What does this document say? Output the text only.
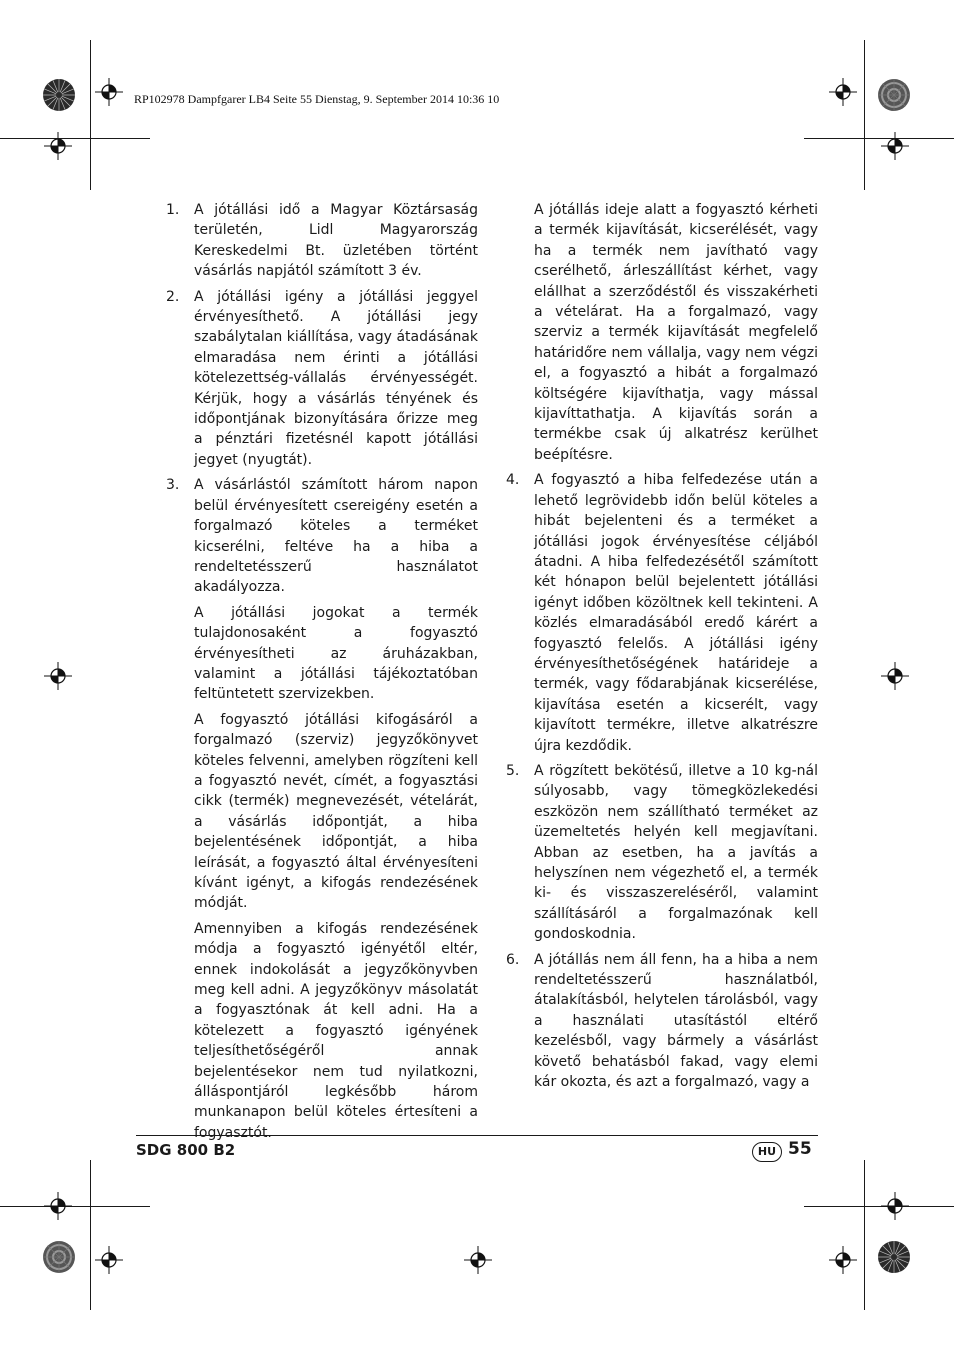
RP102978 Dampfgarer LB4 Seite 55 Dienstag, 9. September 2014 10:36 10
1.	A jótállási idő a Magyar Köztársaság területén, Lidl Magyarország Kereskedelmi Bt. üzletében történt vásárlás napjától számított 3 év.

2.	A jótállási igény a jótállási jeggyel érvényesíthető. A jótállási jegy szabálytalan kiállítása, vagy átadásának elmaradása nem érinti a jótállási kötelezettség-vállalás érvényességét. Kérjük, hogy a vásárlás tényének és időpontjának bizonyítására őrizze meg a pénztári fizetésnél kapott jótállási jegyet (nyugtát).

3.	A vásárlástól számított három napon belül érvényesített csereigény esetén a forgalmazó köteles a terméket kicserélni, feltéve ha a hiba a rendeltetésszerű használatot akadályozza.

A jótállási jogokat a termék tulajdonosaként a fogyasztó érvényesítheti az áruházakban, valamint a jótállási tájékoztatóban feltüntetett szervizekben.

A fogyasztó jótállási kifogásáról a forgalmazó (szerviz) jegyzőkönyvet köteles felvenni, amelyben rögzíteni kell a fogyasztó nevét, címét, a fogyasztási cikk (termék) megnevezését, vételárát, a vásárlás időpontját, a hiba bejelentésének időpontját, a hiba leírását, a fogyasztó által érvényesíteni kívánt igényt, a kifogás rendezésének módját.

Amennyiben a kifogás rendezésének módja a fogyasztó igényétől eltér, ennek indokolását a jegyzőkönyvben meg kell adni. A jegyzőkönyv másolatát a fogyasztónak át kell adni. Ha a kötelezett a fogyasztó igényének teljesíthetőségéről annak bejelentésekor nem tud nyilatkozni, álláspontjáról legkésőbb három munkanapon belül köteles értesíteni a fogyasztót.

A jótállás ideje alatt a fogyasztó kérheti a termék kijavítását, kicserélését, vagy ha a termék nem javítható vagy cserélhető, árleszállítást kérhet, vagy elállhat a szerződéstől és visszakérheti a vételárat. Ha a forgalmazó, vagy szerviz a termék kijavítását megfelelő határidőre nem vállalja, vagy nem végzi el, a fogyasztó a hibát a forgalmazó költségére kijavíthatja, vagy mással kijavíttathatja. A kijavítás során a termékbe csak új alkatrész kerülhet beépítésre.

4.	A fogyasztó a hiba felfedezése után a lehető legrövidebb időn belül köteles a hibát bejelenteni és a terméket a jótállási jogok érvényesítése céljából átadni. A hiba felfedezésétől számított két hónapon belül bejelentett jótállási igényt időben közöltnek kell tekinteni. A közlés elmaradásából eredő kárért a fogyasztó felelős. A jótállási igény érvényesíthetőségének határideje a termék, vagy fődarabjának kicserélése, kijavítása esetén a kicserélt, vagy kijavított termékre, illetve alkatrészre újra kezdődik.

5.	A rögzített bekötésű, illetve a 10 kg-nál súlyosabb, vagy tömegközlekedési eszközön nem szállítható terméket az üzemeltetés helyén kell megjavítani. Abban az esetben, ha a javítás a helyszínen nem végezhető el, a termék ki- és visszaszereléséről, valamint szállításáról a forgalmazónak kell gondoskodnia.

6.	A jótállás nem áll fenn, ha a hiba a nem rendeltetésszerű használatból, átalakításból, helytelen tárolásból, vagy a használati utasítástól eltérő kezelésből, vagy bármely a vásárlást követő behatásból fakad, vagy elemi kár okozta, és azt a forgalmazó, vagy a

SDG 800 B2	HU 55
